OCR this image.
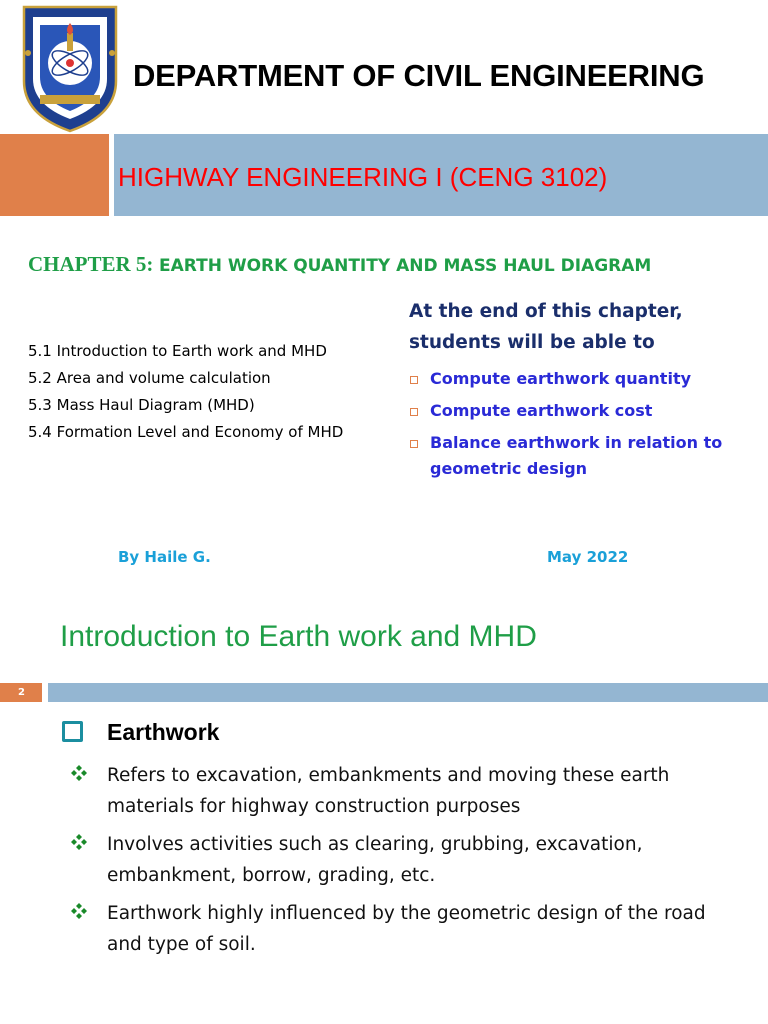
DEPARTMENT OF CIVIL ENGINEERING
HIGHWAY ENGINEERING I (CENG 3102)
CHAPTER 5: EARTH WORK QUANTITY AND MASS HAUL DIAGRAM
5.1 Introduction to Earth work and MHD
5.2 Area and volume calculation
5.3 Mass Haul Diagram (MHD)
5.4 Formation Level and Economy of MHD
At the end of this chapter,
students will be able to
Compute earthwork quantity
Compute earthwork cost
Balance earthwork in relation to geometric design
By Haile G.	May 2022
Introduction to Earth work and MHD
2
Earthwork
Refers to excavation, embankments and moving these earth materials for highway construction purposes
Involves activities such as clearing, grubbing, excavation, embankment, borrow, grading, etc.
Earthwork highly influenced by the geometric design of the road and type of soil.
